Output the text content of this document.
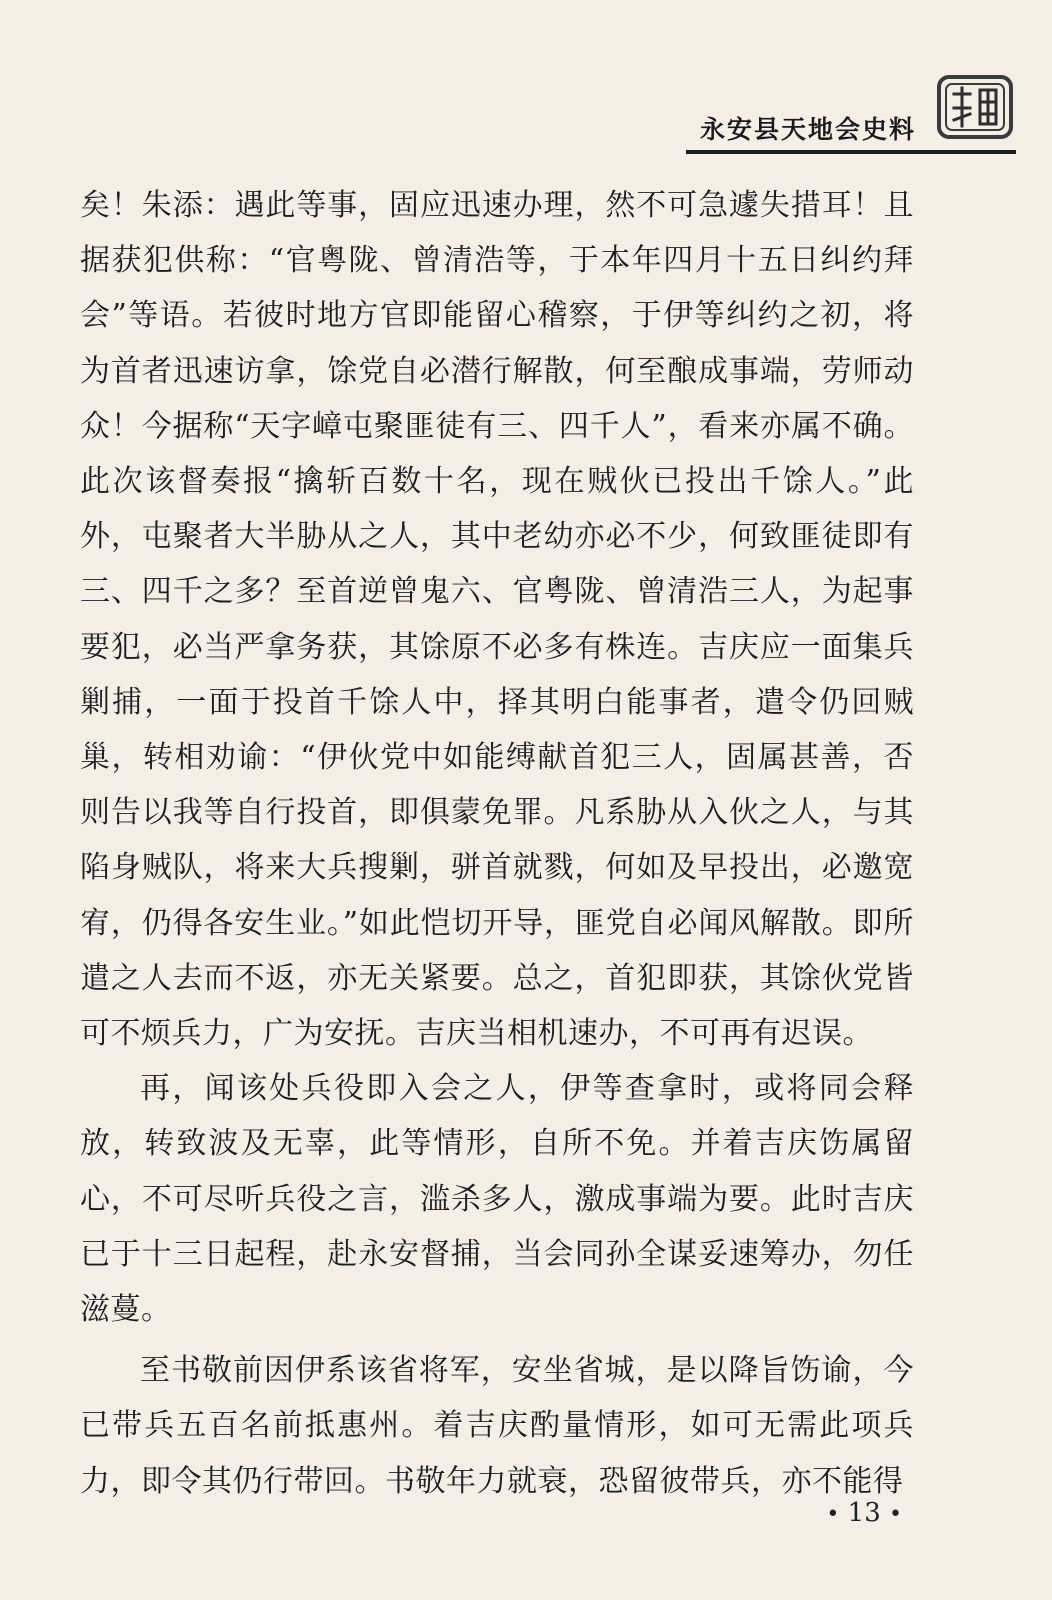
永安县天地会史料

矣！朱添：遇此等事，固应迅速办理，然不可急遽失措耳！且据获犯供称：“官粤陇、曾清浩等，于本年四月十五日纠约拜会”等语。若彼时地方官即能留心稽察，于伊等纠约之初，将为首者迅速访拿，馀党自必潜行解散，何至酿成事端，劳师动众！今据称“天字嶂屯聚匪徒有三、四千人”，看来亦属不确。此次该督奏报“擒斩百数十名，现在贼伙已投出千馀人。”此外，屯聚者大半胁从之人，其中老幼亦必不少，何致匪徒即有三、四千之多？至首逆曾鬼六、官粤陇、曾清浩三人，为起事要犯，必当严拿务获，其馀原不必多有株连。吉庆应一面集兵剿捕，一面于投首千馀人中，择其明白能事者，遣令仍回贼巢，转相劝谕：“伊伙党中如能缚献首犯三人，固属甚善，否则告以我等自行投首，即俱蒙免罪。凡系胁从入伙之人，与其陷身贼队，将来大兵搜剿，骈首就戮，何如及早投出，必邀宽宥，仍得各安生业。”如此恺切开导，匪党自必闻风解散。即所遣之人去而不返，亦无关紧要。总之，首犯即获，其馀伙党皆可不烦兵力，广为安抚。吉庆当相机速办，不可再有迟误。

再，闻该处兵役即入会之人，伊等查拿时，或将同会释放，转致波及无辜，此等情形，自所不免。并着吉庆饬属留心，不可尽听兵役之言，滥杀多人，激成事端为要。此时吉庆已于十三日起程，赴永安督捕，当会同孙全谋妥速筹办，勿任滋蔓。

至书敬前因伊系该省将军，安坐省城，是以降旨饬谕，今已带兵五百名前抵惠州。着吉庆酌量情形，如可无需此项兵力，即令其仍行带回。书敬年力就衰，恐留彼带兵，亦不能得

• 13 •
